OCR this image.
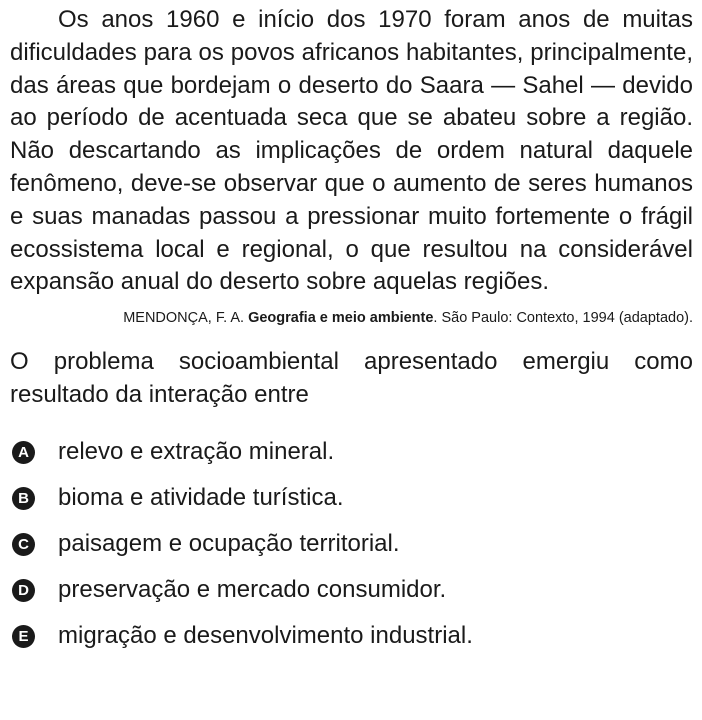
Os anos 1960 e início dos 1970 foram anos de muitas dificuldades para os povos africanos habitantes, principalmente, das áreas que bordejam o deserto do Saara — Sahel — devido ao período de acentuada seca que se abateu sobre a região. Não descartando as implicações de ordem natural daquele fenômeno, deve-se observar que o aumento de seres humanos e suas manadas passou a pressionar muito fortemente o frágil ecossistema local e regional, o que resultou na considerável expansão anual do deserto sobre aquelas regiões.

MENDONÇA, F. A. Geografia e meio ambiente. São Paulo: Contexto, 1994 (adaptado).

O problema socioambiental apresentado emergiu como resultado da interação entre

A relevo e extração mineral.
B bioma e atividade turística.
C paisagem e ocupação territorial.
D preservação e mercado consumidor.
E migração e desenvolvimento industrial.
